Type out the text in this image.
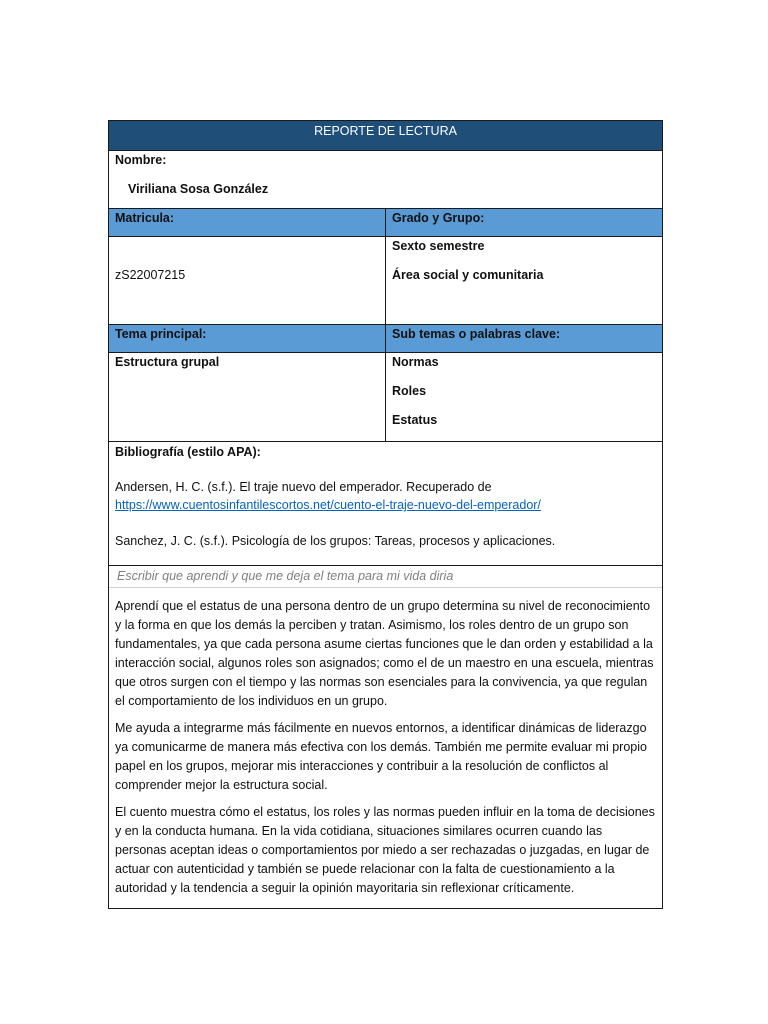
REPORTE DE LECTURA	

Nombre:
Viriliana Sosa González	

Matricula:	Grado y Grupo:

zS22007215	Sexto semestre
Área social y comunitaria

Tema principal:	Sub temas o palabras clave:

Estructura grupal	Normas
Roles
Estatus

Bibliografía (estilo APA):
Andersen, H. C. (s.f.). El traje nuevo del emperador. Recuperado de
https://www.cuentosinfantilescortos.net/cuento-el-traje-nuevo-del-emperador/
Sanchez, J. C. (s.f.). Psicología de los grupos: Tareas, procesos y aplicaciones.	

Escribir que aprendi y que me deja el tema para mi vida diria
Aprendí que el estatus de una persona dentro de un grupo determina su nivel de reconocimiento y la forma en que los demás la perciben y tratan. Asimismo, los roles dentro de un grupo son fundamentales, ya que cada persona asume ciertas funciones que le dan orden y estabilidad a la interacción social, algunos roles son asignados; como el de un maestro en una escuela, mientras que otros surgen con el tiempo y las normas son esenciales para la convivencia, ya que regulan el comportamiento de los individuos en un grupo.
Me ayuda a integrarme más fácilmente en nuevos entornos, a identificar dinámicas de liderazgo ya comunicarme de manera más efectiva con los demás. También me permite evaluar mi propio papel en los grupos, mejorar mis interacciones y contribuir a la resolución de conflictos al comprender mejor la estructura social.
El cuento muestra cómo el estatus, los roles y las normas pueden influir en la toma de decisiones y en la conducta humana. En la vida cotidiana, situaciones similares ocurren cuando las personas aceptan ideas o comportamientos por miedo a ser rechazadas o juzgadas, en lugar de actuar con autenticidad y también se puede relacionar con la falta de cuestionamiento a la autoridad y la tendencia a seguir la opinión mayoritaria sin reflexionar críticamente.	
